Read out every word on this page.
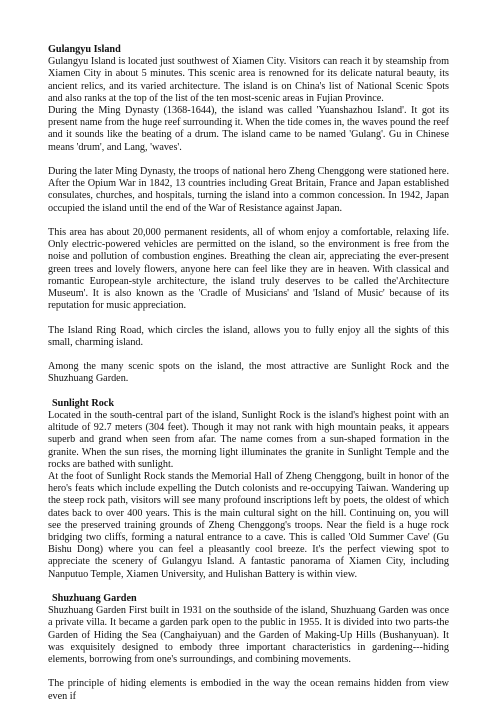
Gulangyu Island

Gulangyu Island is located just southwest of Xiamen City. Visitors can reach it by steamship from Xiamen City in about 5 minutes. This scenic area is renowned for its delicate natural beauty, its ancient relics, and its varied architecture. The island is on China's list of National Scenic Spots and also ranks at the top of the list of the ten most-scenic areas in Fujian Province.

During the Ming Dynasty (1368-1644), the island was called 'Yuanshazhou Island'. It got its present name from the huge reef surrounding it. When the tide comes in, the waves pound the reef and it sounds like the beating of a drum. The island came to be named 'Gulang'. Gu in Chinese means 'drum', and Lang, 'waves'.

During the later Ming Dynasty, the troops of national hero Zheng Chenggong were stationed here. After the Opium War in 1842, 13 countries including Great Britain, France and Japan established consulates, churches, and hospitals, turning the island into a common concession. In 1942, Japan occupied the island until the end of the War of Resistance against Japan.

This area has about 20,000 permanent residents, all of whom enjoy a comfortable, relaxing life. Only electric-powered vehicles are permitted on the island, so the environment is free from the noise and pollution of combustion engines. Breathing the clean air, appreciating the ever-present green trees and lovely flowers, anyone here can feel like they are in heaven. With classical and romantic European-style architecture, the island truly deserves to be called the'Architecture Museum'. It is also known as the 'Cradle of Musicians' and 'Island of Music' because of its reputation for music appreciation.

The Island Ring Road, which circles the island, allows you to fully enjoy all the sights of this small, charming island.

Among the many scenic spots on the island, the most attractive are Sunlight Rock and the Shuzhuang Garden.

Sunlight Rock

Located in the south-central part of the island, Sunlight Rock is the island's highest point with an altitude of 92.7 meters (304 feet). Though it may not rank with high mountain peaks, it appears superb and grand when seen from afar. The name comes from a sun-shaped formation in the granite. When the sun rises, the morning light illuminates the granite in Sunlight Temple and the rocks are bathed with sunlight.

At the foot of Sunlight Rock stands the Memorial Hall of Zheng Chenggong, built in honor of the hero's feats which include expelling the Dutch colonists and re-occupying Taiwan. Wandering up the steep rock path, visitors will see many profound inscriptions left by poets, the oldest of which dates back to over 400 years. This is the main cultural sight on the hill. Continuing on, you will see the preserved training grounds of Zheng Chenggong's troops. Near the field is a huge rock bridging two cliffs, forming a natural entrance to a cave. This is called 'Old Summer Cave' (Gu Bishu Dong) where you can feel a pleasantly cool breeze. It's the perfect viewing spot to appreciate the scenery of Gulangyu Island. A fantastic panorama of Xiamen City, including Nanputuo Temple, Xiamen University, and Hulishan Battery is within view.

Shuzhuang Garden

Shuzhuang Garden First built in 1931 on the southside of the island, Shuzhuang Garden was once a private villa. It became a garden park open to the public in 1955. It is divided into two parts-the Garden of Hiding the Sea (Canghaiyuan) and the Garden of Making-Up Hills (Bushanyuan). It was exquisitely designed to embody three important characteristics in gardening---hiding elements, borrowing from one's surroundings, and combining movements.

The principle of hiding elements is embodied in the way the ocean remains hidden from view even if
